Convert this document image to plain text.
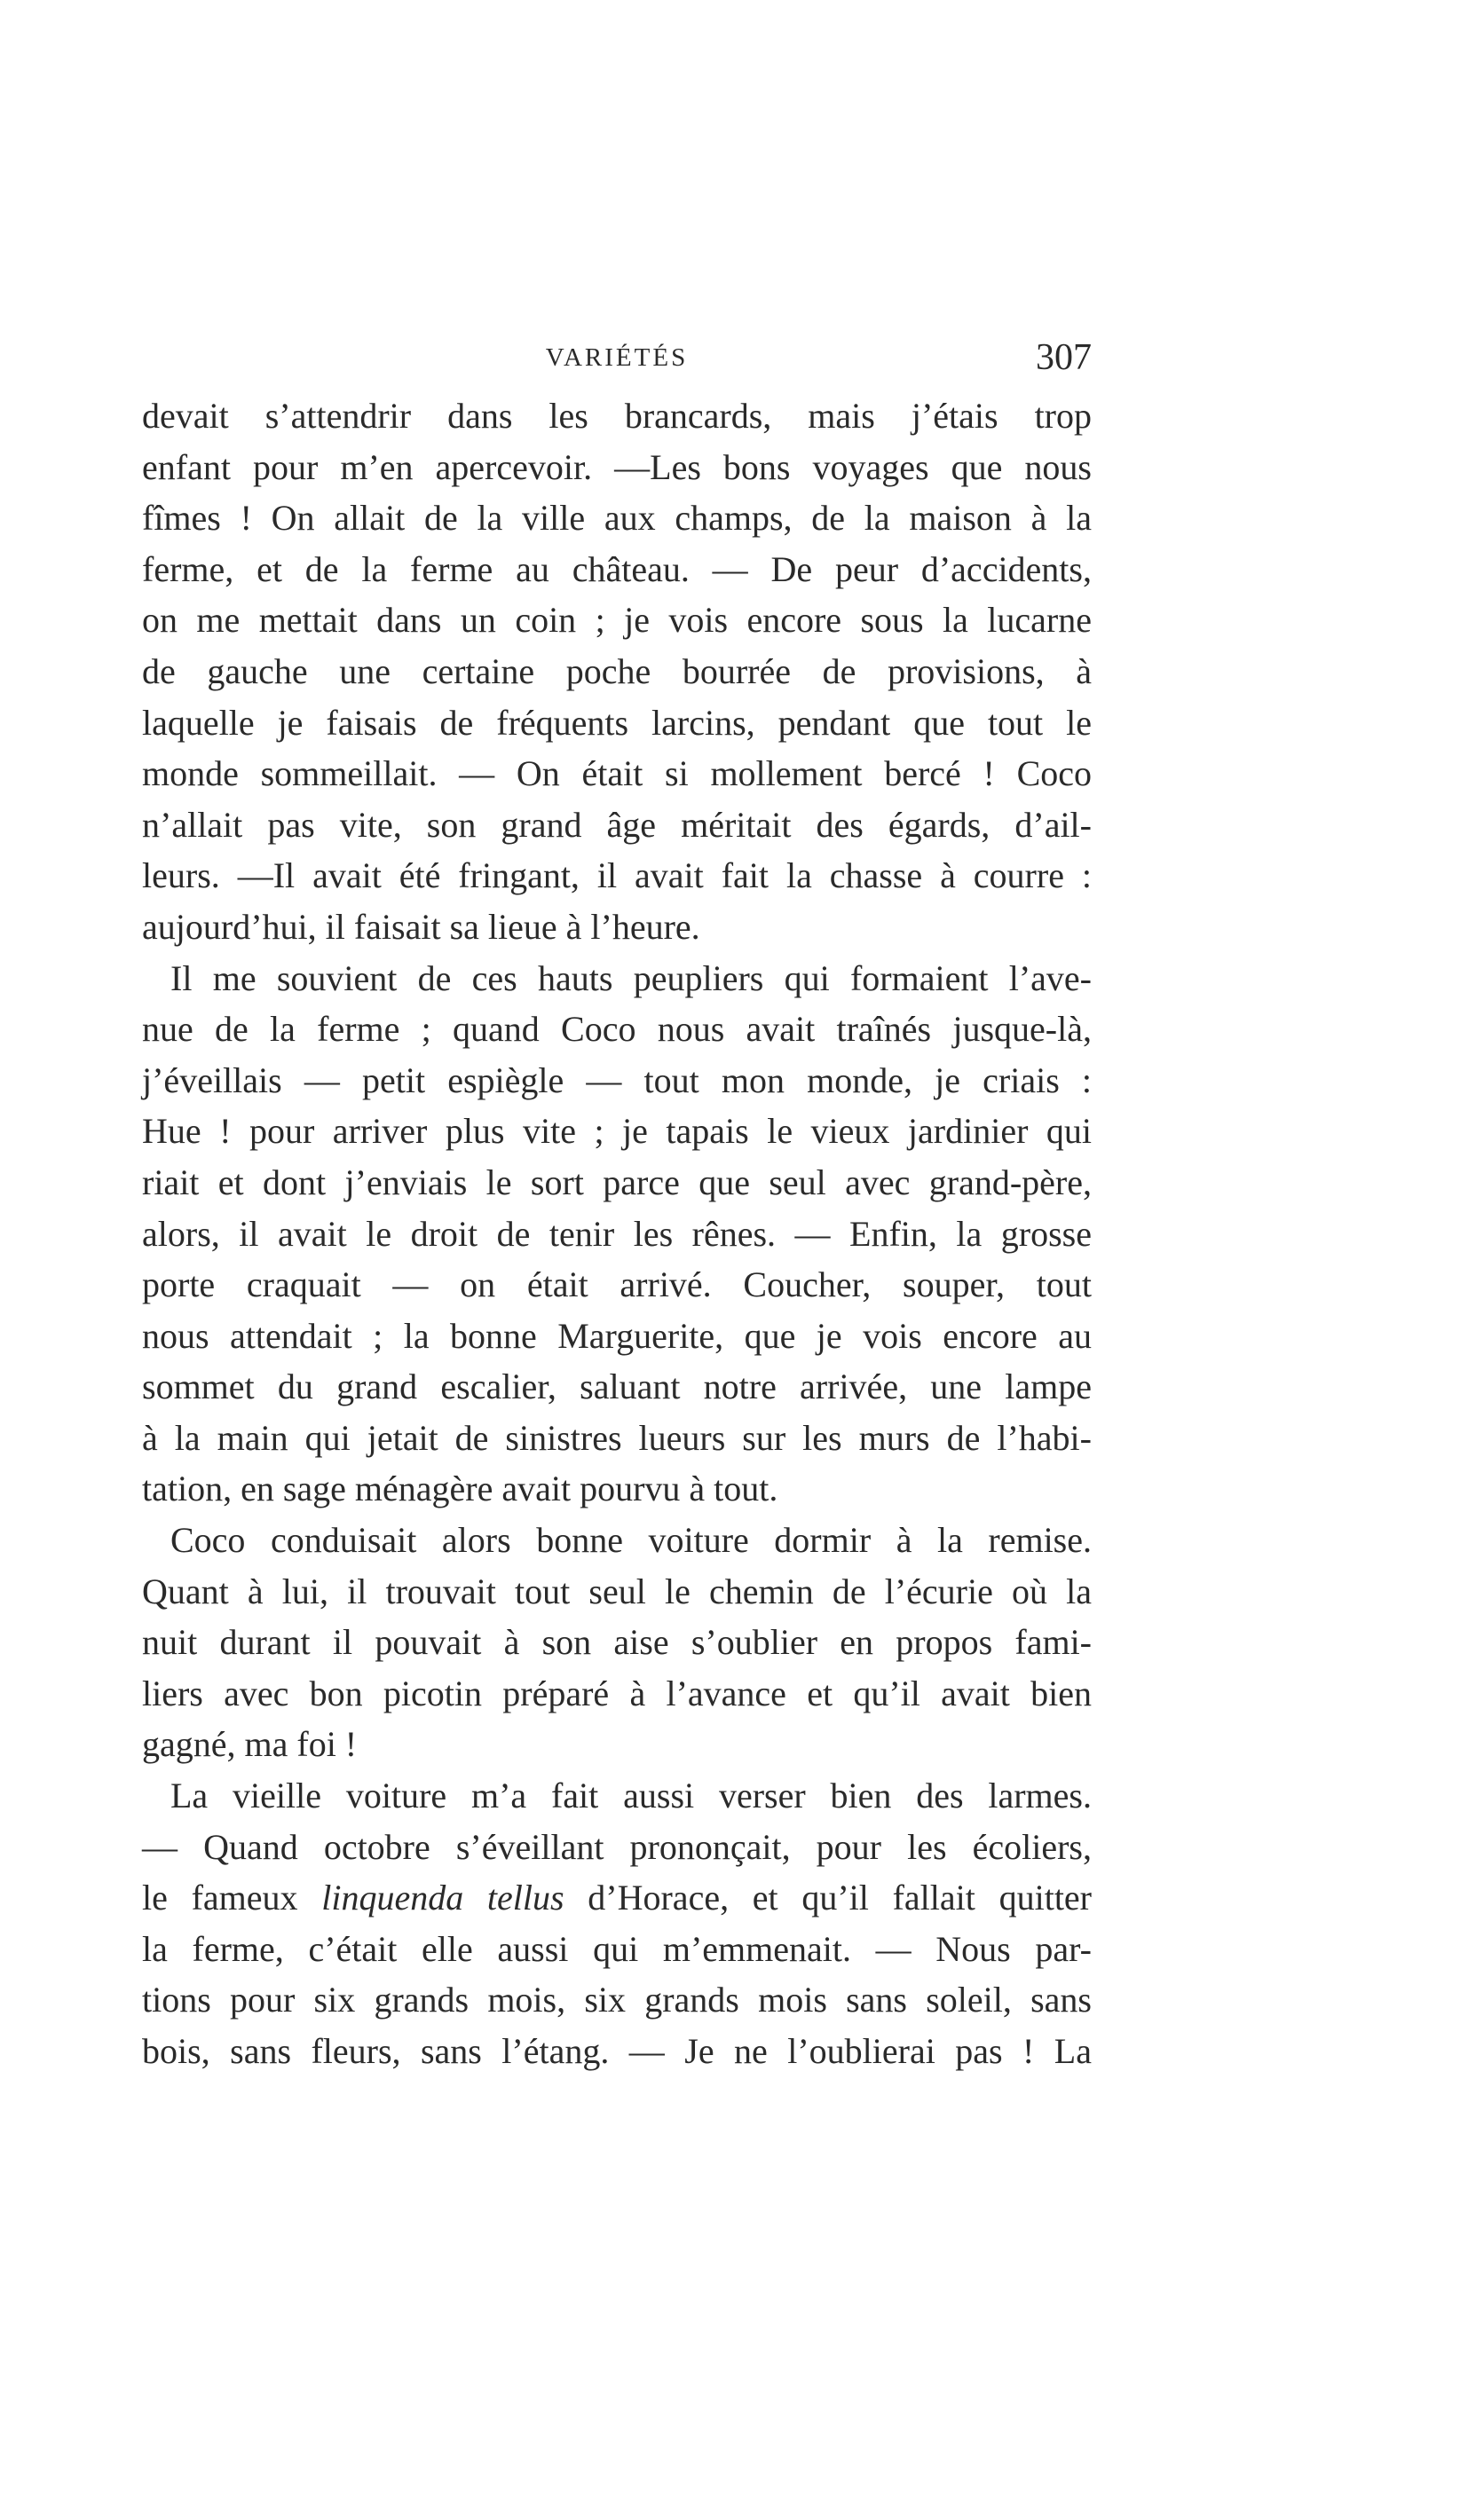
VARIÉTÉS	307

devait s’attendrir dans les brancards, mais j’étais trop
enfant pour m’en apercevoir. —Les bons voyages que nous
fîmes ! On allait de la ville aux champs, de la maison à la
ferme, et de la ferme au château. — De peur d’accidents,
on me mettait dans un coin ; je vois encore sous la lucarne
de gauche une certaine poche bourrée de provisions, à
laquelle je faisais de fréquents larcins, pendant que tout le
monde sommeillait. — On était si mollement bercé ! Coco
n’allait pas vite, son grand âge méritait des égards, d’ail-
leurs. —Il avait été fringant, il avait fait la chasse à courre :
aujourd’hui, il faisait sa lieue à l’heure.

Il me souvient de ces hauts peupliers qui formaient l’ave-
nue de la ferme ; quand Coco nous avait traînés jusque-là,
j’éveillais — petit espiègle — tout mon monde, je criais :
Hue ! pour arriver plus vite ; je tapais le vieux jardinier qui
riait et dont j’enviais le sort parce que seul avec grand-père,
alors, il avait le droit de tenir les rênes. — Enfin, la grosse
porte craquait — on était arrivé. Coucher, souper, tout
nous attendait ; la bonne Marguerite, que je vois encore au
sommet du grand escalier, saluant notre arrivée, une lampe
à la main qui jetait de sinistres lueurs sur les murs de l’habi-
tation, en sage ménagère avait pourvu à tout.

Coco conduisait alors bonne voiture dormir à la remise.
Quant à lui, il trouvait tout seul le chemin de l’écurie où la
nuit durant il pouvait à son aise s’oublier en propos fami-
liers avec bon picotin préparé à l’avance et qu’il avait bien
gagné, ma foi !

La vieille voiture m’a fait aussi verser bien des larmes.
— Quand octobre s’éveillant prononçait, pour les écoliers,
le fameux linquenda tellus d’Horace, et qu’il fallait quitter
la ferme, c’était elle aussi qui m’emmenait. — Nous par-
tions pour six grands mois, six grands mois sans soleil, sans
bois, sans fleurs, sans l’étang. — Je ne l’oublierai pas ! La
